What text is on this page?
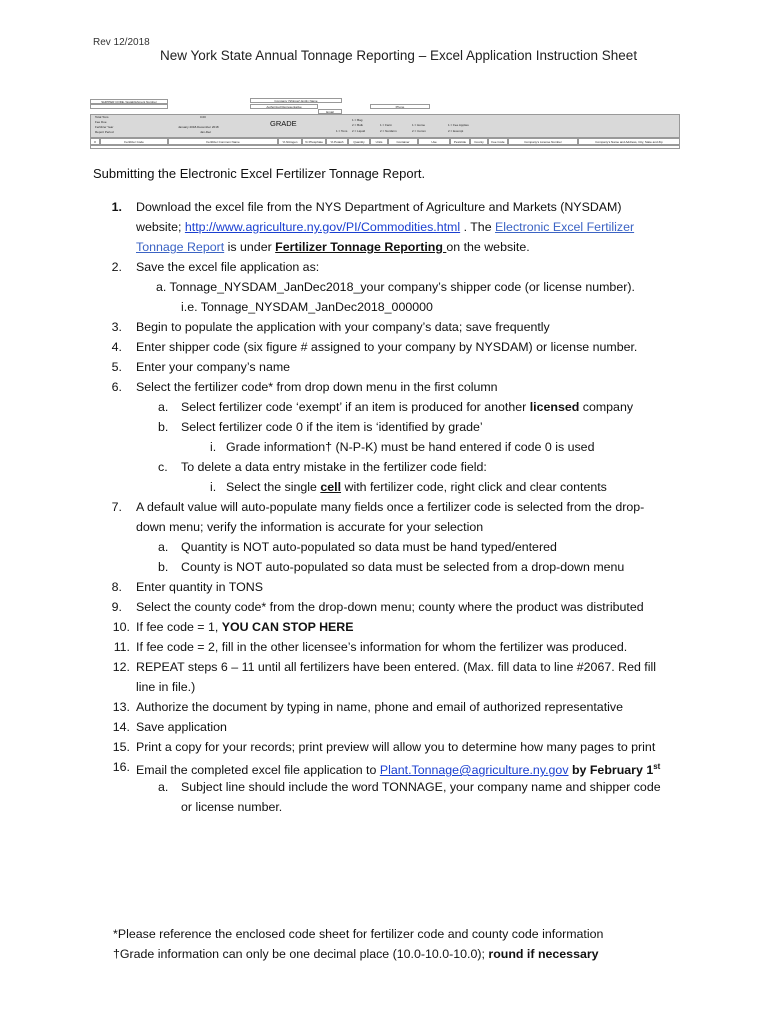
Rev 12/2018
New York State Annual Tonnage Reporting – Excel Application Instruction Sheet
SHIPPER CODE / Establishment Number	Company (Shipper) Entity Name
Authorized Representative	Phone
Email
Total Tons
Fee Due
0.00
Fertilizer Year	January 2018-December 2018
Report Period	Jan-Dec
GRADE	1 = Bag
2 = Bulk
1 = Tons 2 = Liquid
1 = Farm
2 = Nonfarm
1 = Home
2 = Comm
1 = Fee Applies
2 = Exempt
#	Fertilizer Code	Fertilizer Common Name	% Nitrogen	% Phosphate	% Potash	Quantity	Units	Container	Use	Pesticide	County	Fee Code	Company's License Number	Company's Name and Address, City, State and Zip
Submitting the Electronic Excel Fertilizer Tonnage Report.
1. Download the excel file from the NYS Department of Agriculture and Markets (NYSDAM)
website; http://www.agriculture.ny.gov/PI/Commodities.html . The Electronic Excel Fertilizer
Tonnage Report is under Fertilizer Tonnage Reporting on the website.
2. Save the excel file application as:
a. Tonnage_NYSDAM_JanDec2018_your company’s shipper code (or license number).
i.e. Tonnage_NYSDAM_JanDec2018_000000
3. Begin to populate the application with your company’s data; save frequently
4. Enter shipper code (six figure # assigned to your company by NYSDAM) or license number.
5. Enter your company’s name
6. Select the fertilizer code* from drop down menu in the first column
a. Select fertilizer code ‘exempt’ if an item is produced for another licensed company
b. Select fertilizer code 0 if the item is ‘identified by grade’
i. Grade information† (N-P-K) must be hand entered if code 0 is used
c. To delete a data entry mistake in the fertilizer code field:
i. Select the single cell with fertilizer code, right click and clear contents
7. A default value will auto-populate many fields once a fertilizer code is selected from the drop-
down menu; verify the information is accurate for your selection
a. Quantity is NOT auto-populated so data must be hand typed/entered
b. County is NOT auto-populated so data must be selected from a drop-down menu
8. Enter quantity in TONS
9. Select the county code* from the drop-down menu; county where the product was distributed
10. If fee code = 1, YOU CAN STOP HERE
11. If fee code = 2, fill in the other licensee’s information for whom the fertilizer was produced.
12. REPEAT steps 6 – 11 until all fertilizers have been entered. (Max. fill data to line #2067. Red fill
line in file.)
13. Authorize the document by typing in name, phone and email of authorized representative
14. Save application
15. Print a copy for your records; print preview will allow you to determine how many pages to print
16. Email the completed excel file application to Plant.Tonnage@agriculture.ny.gov by February 1st
a. Subject line should include the word TONNAGE, your company name and shipper code
or license number.
*Please reference the enclosed code sheet for fertilizer code and county code information
†Grade information can only be one decimal place (10.0-10.0-10.0); round if necessary
